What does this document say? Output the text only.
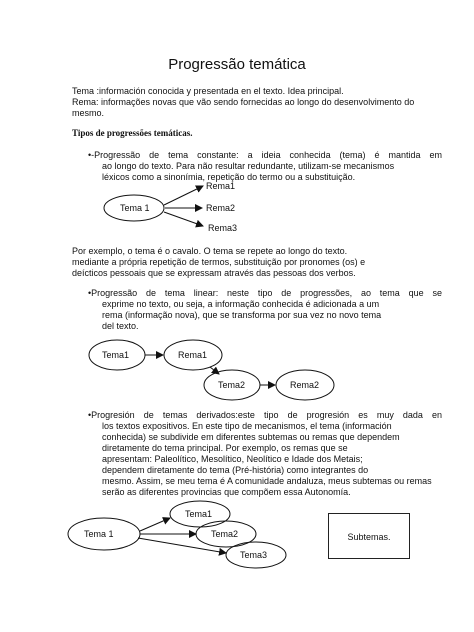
Progressão temática
Tema :información conocida y presentada en el texto. Idea principal.
Rema: informações novas que vão sendo fornecidas ao longo do desenvolvimento do
mesmo.
Tipos de progressões temáticas.
•-Progressão de tema constante: a ideia conhecida (tema) é mantida em
ao longo do texto. Para não resultar redundante, utilizam-se mecanismos
léxicos como a sinonímia, repetição do termo ou a substituição.
Por exemplo, o tema é o cavalo. O tema se repete ao longo do texto.
mediante a própria repetição de termos, substituição por pronomes (os) e
deícticos pessoais que se expressam através das pessoas dos verbos.
•Progressão de tema linear: neste tipo de progressões, ao tema que se
exprime no texto, ou seja, a informação conhecida é adicionada a um
rema (informação nova), que se transforma por sua vez no novo tema
del texto.
•Progresión de temas derivados:este tipo de progresión es muy dada en
los textos expositivos. En este tipo de mecanismos, el tema (información
conhecida) se subdivide em diferentes subtemas ou remas que dependem
diretamente do tema principal. Por exemplo, os remas que se
apresentam: Paleolítico, Mesolítico, Neolítico e Idade dos Metais;
dependem diretamente do tema (Pré-história) como integrantes do
mesmo. Assim, se meu tema é A comunidade andaluza, meus subtemas ou remas
serão as diferentes provincias que compõem essa Autonomía.
Subtemas.
Tema 1
Rema1
Rema2
Rema3
Tema1	Rema1
Tema2	Rema2
Tema 1
Tema1
Tema2
Tema3
